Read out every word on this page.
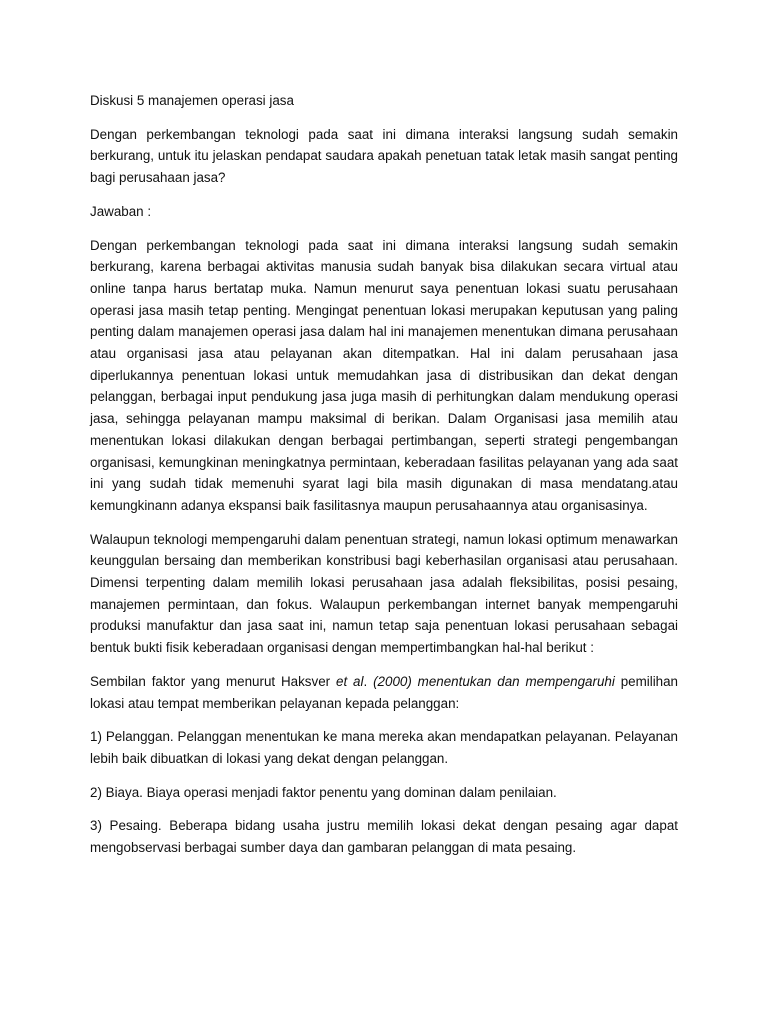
Diskusi 5 manajemen operasi jasa

Dengan perkembangan teknologi pada saat ini dimana interaksi langsung sudah semakin berkurang, untuk itu jelaskan pendapat saudara apakah penetuan tatak letak masih sangat penting bagi perusahaan jasa?

Jawaban :

Dengan perkembangan teknologi pada saat ini dimana interaksi langsung sudah semakin berkurang, karena berbagai aktivitas manusia sudah banyak bisa dilakukan secara virtual atau online tanpa harus bertatap muka. Namun menurut saya penentuan lokasi suatu perusahaan operasi jasa masih tetap penting. Mengingat penentuan lokasi merupakan keputusan yang paling penting dalam manajemen operasi jasa dalam hal ini manajemen menentukan dimana perusahaan atau organisasi jasa atau pelayanan akan ditempatkan. Hal ini dalam perusahaan jasa diperlukannya penentuan lokasi untuk memudahkan jasa di distribusikan dan dekat dengan pelanggan, berbagai input pendukung jasa juga masih di perhitungkan dalam mendukung operasi jasa, sehingga pelayanan mampu maksimal di berikan. Dalam Organisasi jasa memilih atau menentukan lokasi dilakukan dengan berbagai pertimbangan, seperti strategi pengembangan organisasi, kemungkinan meningkatnya permintaan, keberadaan fasilitas pelayanan yang ada saat ini yang sudah tidak memenuhi syarat lagi bila masih digunakan di masa mendatang.atau kemungkinann adanya ekspansi baik fasilitasnya maupun perusahaannya atau organisasinya.

Walaupun teknologi mempengaruhi dalam penentuan strategi, namun lokasi optimum menawarkan keunggulan bersaing dan memberikan konstribusi bagi keberhasilan organisasi atau perusahaan. Dimensi terpenting dalam memilih lokasi perusahaan jasa adalah fleksibilitas, posisi pesaing, manajemen permintaan, dan fokus. Walaupun perkembangan internet banyak mempengaruhi produksi manufaktur dan jasa saat ini, namun tetap saja penentuan lokasi perusahaan sebagai bentuk bukti fisik keberadaan organisasi dengan mempertimbangkan hal-hal berikut :

Sembilan faktor yang menurut Haksver et al. (2000) menentukan dan mempengaruhi pemilihan lokasi atau tempat memberikan pelayanan kepada pelanggan:

1) Pelanggan. Pelanggan menentukan ke mana mereka akan mendapatkan pelayanan. Pelayanan lebih baik dibuatkan di lokasi yang dekat dengan pelanggan.

2) Biaya. Biaya operasi menjadi faktor penentu yang dominan dalam penilaian.

3) Pesaing. Beberapa bidang usaha justru memilih lokasi dekat dengan pesaing agar dapat mengobservasi berbagai sumber daya dan gambaran pelanggan di mata pesaing.
